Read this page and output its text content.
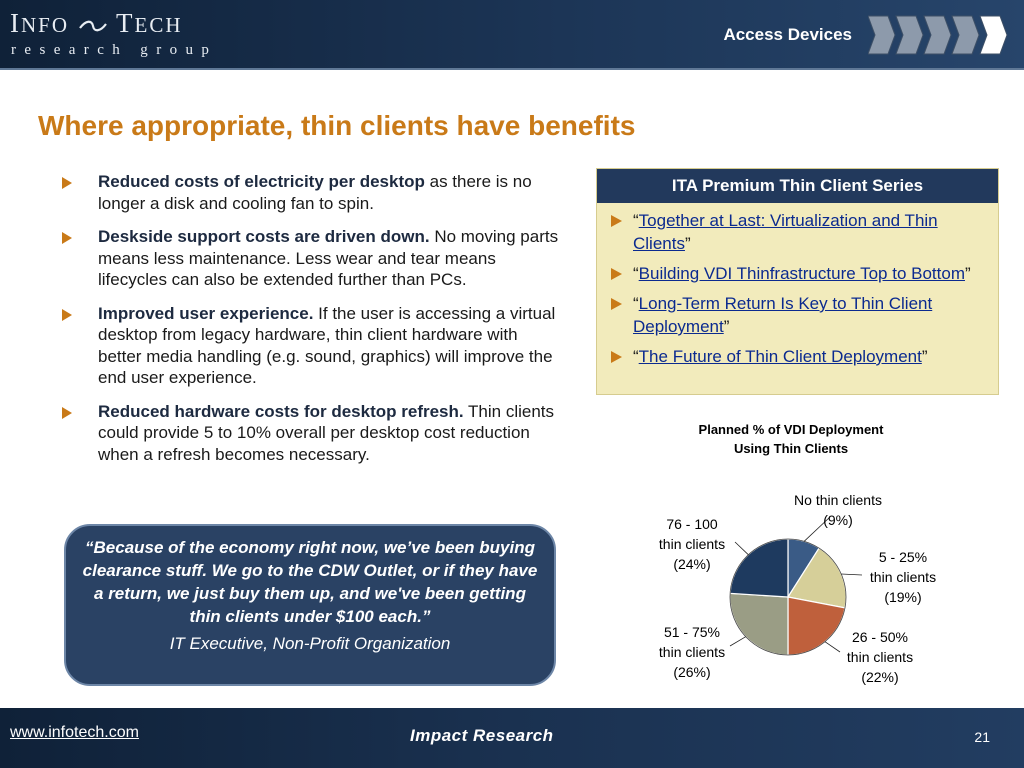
INFO TECH
research group
Access Devices
Where appropriate, thin clients have benefits
Reduced costs of electricity per desktop as there is no longer a disk and cooling fan to spin.
Deskside support costs are driven down. No moving parts means less maintenance. Less wear and tear means lifecycles can also be extended further than PCs.
Improved user experience. If the user is accessing a virtual desktop from legacy hardware, thin client hardware with better media handling (e.g. sound, graphics) will improve the end user experience.
Reduced hardware costs for desktop refresh. Thin clients could provide 5 to 10% overall per desktop cost reduction when a refresh becomes necessary.
“Because of the economy right now, we’ve been buying clearance stuff. We go to the CDW Outlet, or if they have a return, we just buy them up, and we've been getting thin clients under $100 each.”
IT Executive, Non-Profit Organization
ITA Premium Thin Client Series
“Together at Last: Virtualization and Thin Clients”
“Building VDI Thinfrastructure Top to Bottom”
“Long-Term Return Is Key to Thin Client Deployment”
“The Future of Thin Client Deployment”
Planned % of VDI Deployment
Using Thin Clients
No thin clients
(9%)
5 - 25%
thin clients
(19%)
26 - 50%
thin clients
(22%)
51 - 75%
thin clients
(26%)
76 - 100
thin clients
(24%)
www.infotech.com	Impact Research	21
